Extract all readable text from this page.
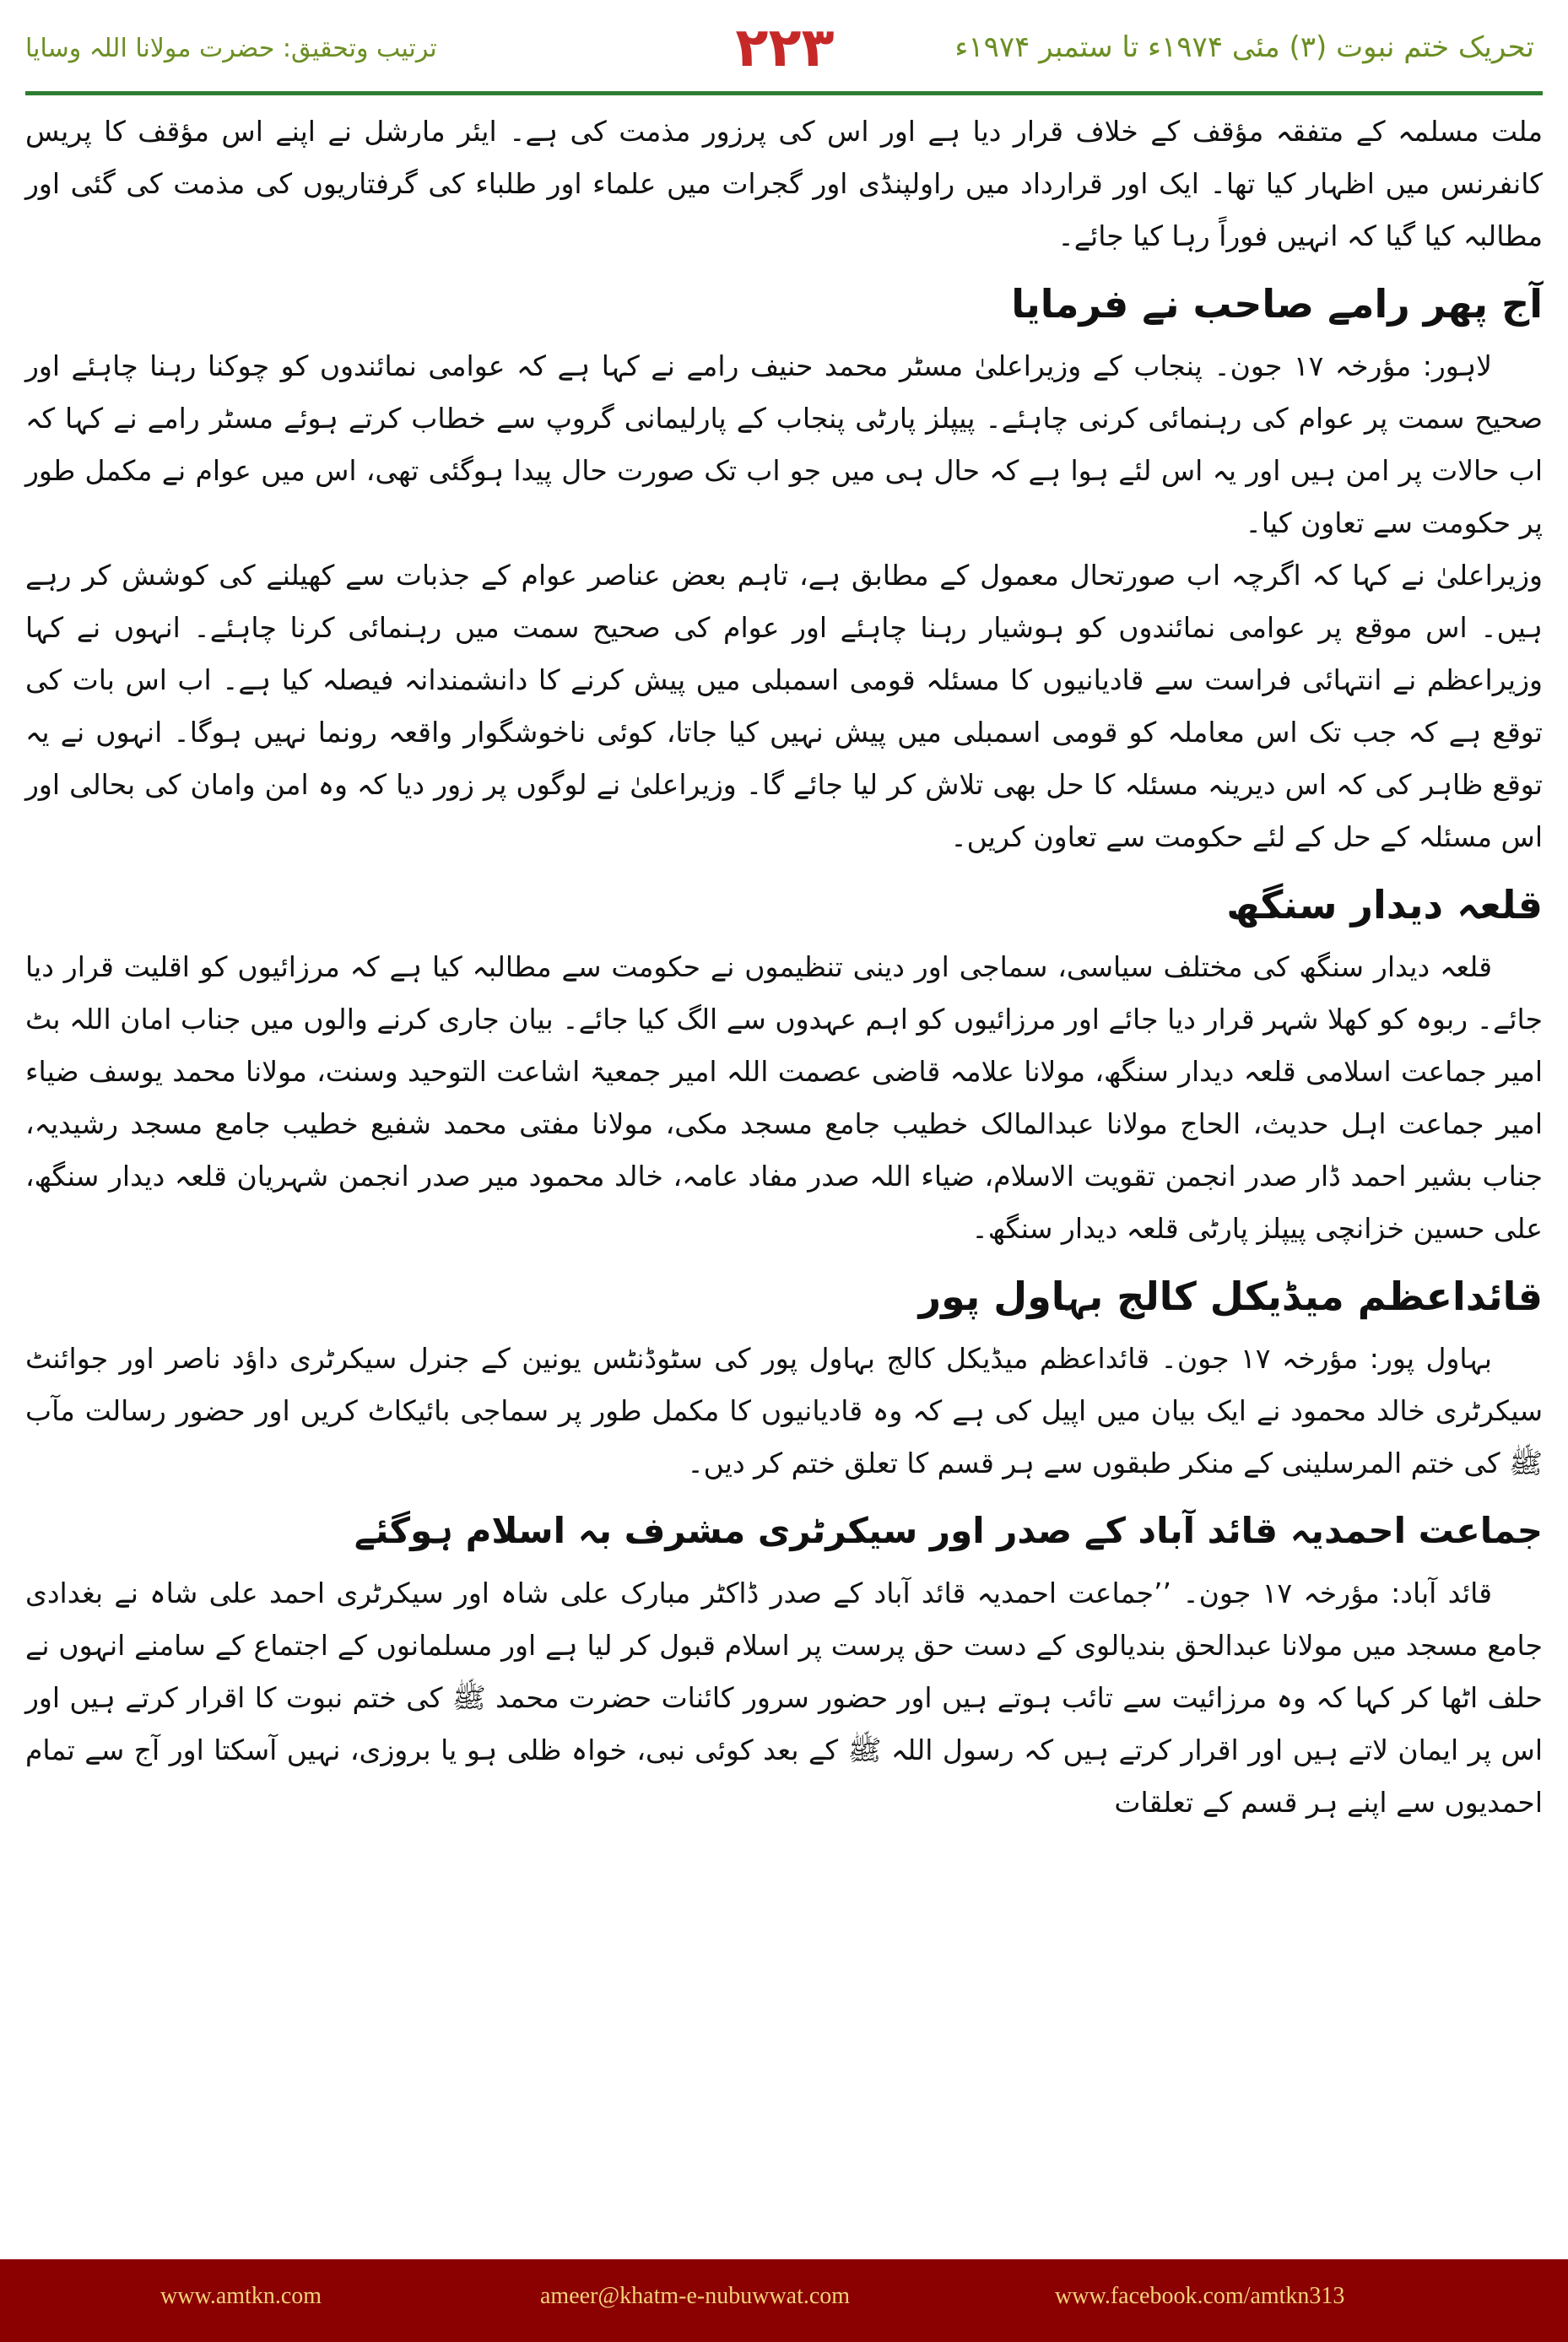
تحریک ختم نبوت (۳) مئی ۱۹۷۴ء تا ستمبر ۱۹۷۴ء
۲۲۳
ترتیب وتحقیق: حضرت مولانا اللہ وسایا

ملت مسلمہ کے متفقہ مؤقف کے خلاف قرار دیا ہے اور اس کی پرزور مذمت کی ہے۔ ایئر مارشل نے اپنے اس مؤقف کا پریس کانفرنس میں اظہار کیا تھا۔ ایک اور قرارداد میں راولپنڈی اور گجرات میں علماء اور طلباء کی گرفتاریوں کی مذمت کی گئی اور مطالبہ کیا گیا کہ انہیں فوراً رہا کیا جائے۔

آج پھر رامے صاحب نے فرمایا

لاہور: مؤرخہ ۱۷ جون۔ پنجاب کے وزیراعلیٰ مسٹر محمد حنیف رامے نے کہا ہے کہ عوامی نمائندوں کو چوکنا رہنا چاہئے اور صحیح سمت پر عوام کی رہنمائی کرنی چاہئے۔ پیپلز پارٹی پنجاب کے پارلیمانی گروپ سے خطاب کرتے ہوئے مسٹر رامے نے کہا کہ اب حالات پر امن ہیں اور یہ اس لئے ہوا ہے کہ حال ہی میں جو اب تک صورت حال پیدا ہوگئی تھی، اس میں عوام نے مکمل طور پر حکومت سے تعاون کیا۔

وزیراعلیٰ نے کہا کہ اگرچہ اب صورتحال معمول کے مطابق ہے، تاہم بعض عناصر عوام کے جذبات سے کھیلنے کی کوشش کر رہے ہیں۔ اس موقع پر عوامی نمائندوں کو ہوشیار رہنا چاہئے اور عوام کی صحیح سمت میں رہنمائی کرنا چاہئے۔ انہوں نے کہا وزیراعظم نے انتہائی فراست سے قادیانیوں کا مسئلہ قومی اسمبلی میں پیش کرنے کا دانشمندانہ فیصلہ کیا ہے۔ اب اس بات کی توقع ہے کہ جب تک اس معاملہ کو قومی اسمبلی میں پیش نہیں کیا جاتا، کوئی ناخوشگوار واقعہ رونما نہیں ہوگا۔ انہوں نے یہ توقع ظاہر کی کہ اس دیرینہ مسئلہ کا حل بھی تلاش کر لیا جائے گا۔ وزیراعلیٰ نے لوگوں پر زور دیا کہ وہ امن وامان کی بحالی اور اس مسئلہ کے حل کے لئے حکومت سے تعاون کریں۔

قلعہ دیدار سنگھ

قلعہ دیدار سنگھ کی مختلف سیاسی، سماجی اور دینی تنظیموں نے حکومت سے مطالبہ کیا ہے کہ مرزائیوں کو اقلیت قرار دیا جائے۔ ربوہ کو کھلا شہر قرار دیا جائے اور مرزائیوں کو اہم عہدوں سے الگ کیا جائے۔ بیان جاری کرنے والوں میں جناب امان اللہ بٹ امیر جماعت اسلامی قلعہ دیدار سنگھ، مولانا علامہ قاضی عصمت اللہ امیر جمعیۃ اشاعت التوحید وسنت، مولانا محمد یوسف ضیاء امیر جماعت اہل حدیث، الحاج مولانا عبدالمالک خطیب جامع مسجد مکی، مولانا مفتی محمد شفیع خطیب جامع مسجد رشیدیہ، جناب بشیر احمد ڈار صدر انجمن تقویت الاسلام، ضیاء اللہ صدر مفاد عامہ، خالد محمود میر صدر انجمن شہریان قلعہ دیدار سنگھ، علی حسین خزانچی پیپلز پارٹی قلعہ دیدار سنگھ۔

قائداعظم میڈیکل کالج بہاول پور

بہاول پور: مؤرخہ ۱۷ جون۔ قائداعظم میڈیکل کالج بہاول پور کی سٹوڈنٹس یونین کے جنرل سیکرٹری داؤد ناصر اور جوائنٹ سیکرٹری خالد محمود نے ایک بیان میں اپیل کی ہے کہ وہ قادیانیوں کا مکمل طور پر سماجی بائیکاٹ کریں اور حضور رسالت مآب ﷺ کی ختم المرسلینی کے منکر طبقوں سے ہر قسم کا تعلق ختم کر دیں۔

جماعت احمدیہ قائد آباد کے صدر اور سیکرٹری مشرف بہ اسلام ہوگئے

قائد آباد: مؤرخہ ۱۷ جون۔ ’’جماعت احمدیہ قائد آباد کے صدر ڈاکٹر مبارک علی شاہ اور سیکرٹری احمد علی شاہ نے بغدادی جامع مسجد میں مولانا عبدالحق بندیالوی کے دست حق پرست پر اسلام قبول کر لیا ہے اور مسلمانوں کے اجتماع کے سامنے انہوں نے حلف اٹھا کر کہا کہ وہ مرزائیت سے تائب ہوتے ہیں اور حضور سرور کائنات حضرت محمد ﷺ کی ختم نبوت کا اقرار کرتے ہیں اور اس پر ایمان لاتے ہیں اور اقرار کرتے ہیں کہ رسول اللہ ﷺ کے بعد کوئی نبی، خواہ ظلی ہو یا بروزی، نہیں آسکتا اور آج سے تمام احمدیوں سے اپنے ہر قسم کے تعلقات

www.amtkn.com	ameer@khatm-e-nubuwwat.com	www.facebook.com/amtkn313
